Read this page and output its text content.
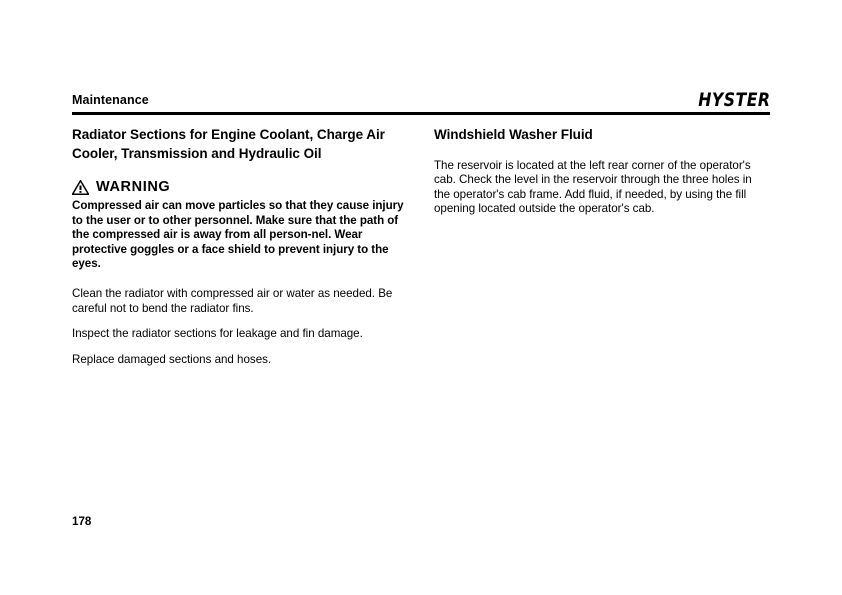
Maintenance	HYSTER
Radiator Sections for Engine Coolant, Charge Air Cooler, Transmission and Hydraulic Oil
WARNING

Compressed air can move particles so that they cause injury to the user or to other personnel. Make sure that the path of the compressed air is away from all person-nel. Wear protective goggles or a face shield to prevent injury to the eyes.

Clean the radiator with compressed air or water as needed. Be careful not to bend the radiator fins.

Inspect the radiator sections for leakage and fin damage.

Replace damaged sections and hoses.

Windshield Washer Fluid

The reservoir is located at the left rear corner of the operator's cab. Check the level in the reservoir through the three holes in the operator's cab frame. Add fluid, if needed, by using the fill opening located outside the operator's cab.

178
